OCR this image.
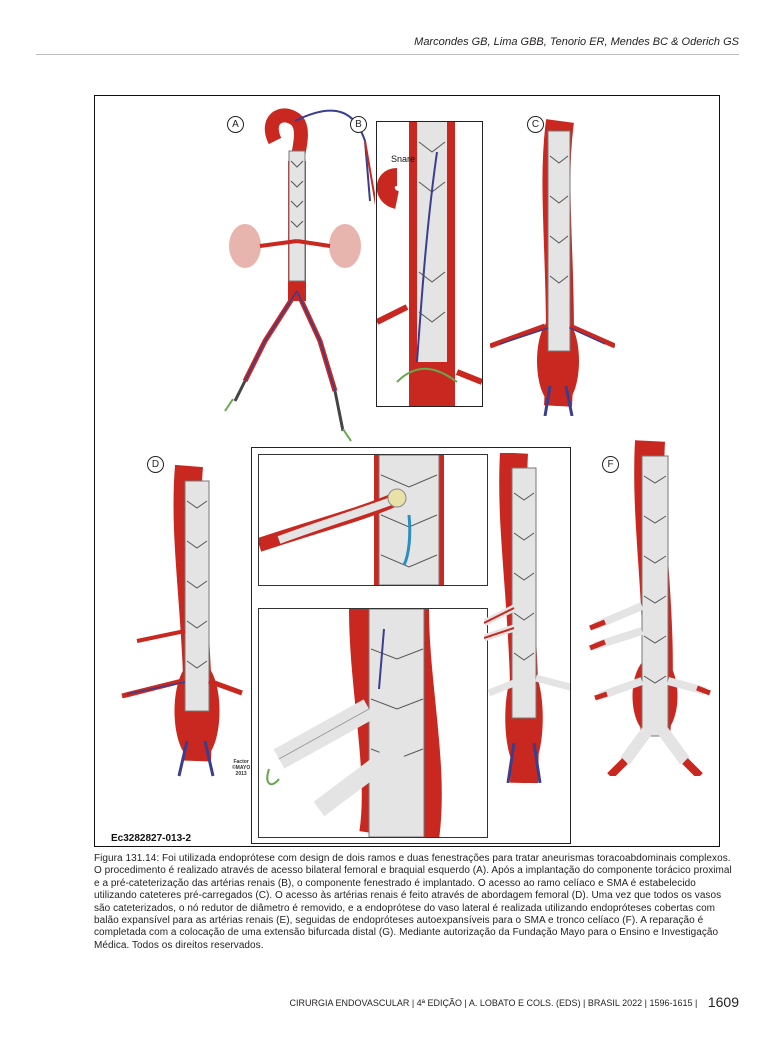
Marcondes GB, Lima GBB, Tenorio ER, Mendes BC & Oderich GS
A	B
Snare
C
D
Factor
©MAYO
2013
F
Ec3282827-013-2
Figura 131.14: Foi utilizada endoprótese com design de dois ramos e duas fenestrações para tratar aneurismas toracoabdominais complexos. O procedimento é realizado através de acesso bilateral femoral e braquial esquerdo (A). Após a implantação do componente torácico proximal e a pré-cateterização das artérias renais (B), o componente fenestrado é implantado. O acesso ao ramo celíaco e SMA é estabelecido utilizando cateteres pré-carregados (C). O acesso às artérias renais é feito através de abordagem femoral (D). Uma vez que todos os vasos são cateterizados, o nó redutor de diâmetro é removido, e a endoprótese do vaso lateral é realizada utilizando endopróteses cobertas com balão expansível para as artérias renais (E), seguidas de endopróteses autoexpansíveis para o SMA e tronco celíaco (F). A reparação é completada com a colocação de uma extensão bifurcada distal (G). Mediante autorização da Fundação Mayo para o Ensino e Investigação Médica. Todos os direitos reservados.
CIRURGIA ENDOVASCULAR | 4ª EDIÇÃO | A. LOBATO E COLS. (EDS) | BRASIL 2022 | 1596-1615 | 1609
